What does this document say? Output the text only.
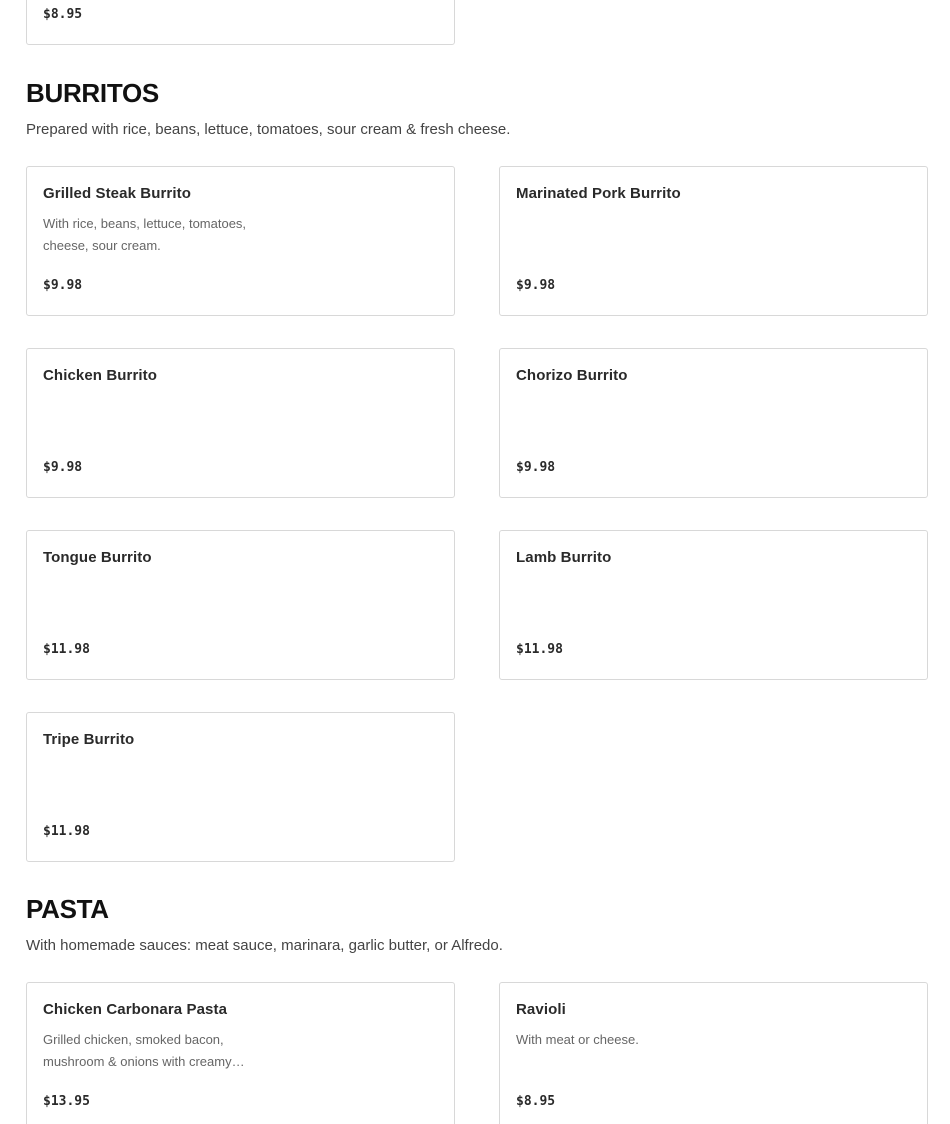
$8.95
BURRITOS

Prepared with rice, beans, lettuce, tomatoes, sour cream & fresh cheese.

Grilled Steak Burrito
With rice, beans, lettuce, tomatoes, cheese, sour cream.
$9.98
Marinated Pork Burrito
$9.98
Chicken Burrito
$9.98
Chorizo Burrito
$9.98
Tongue Burrito
$11.98
Lamb Burrito
$11.98
Tripe Burrito
$11.98
PASTA

With homemade sauces: meat sauce, marinara, garlic butter, or Alfredo.

Chicken Carbonara Pasta
Grilled chicken, smoked bacon, mushroom & onions with creamy…
$13.95
Ravioli
With meat or cheese.
$8.95
